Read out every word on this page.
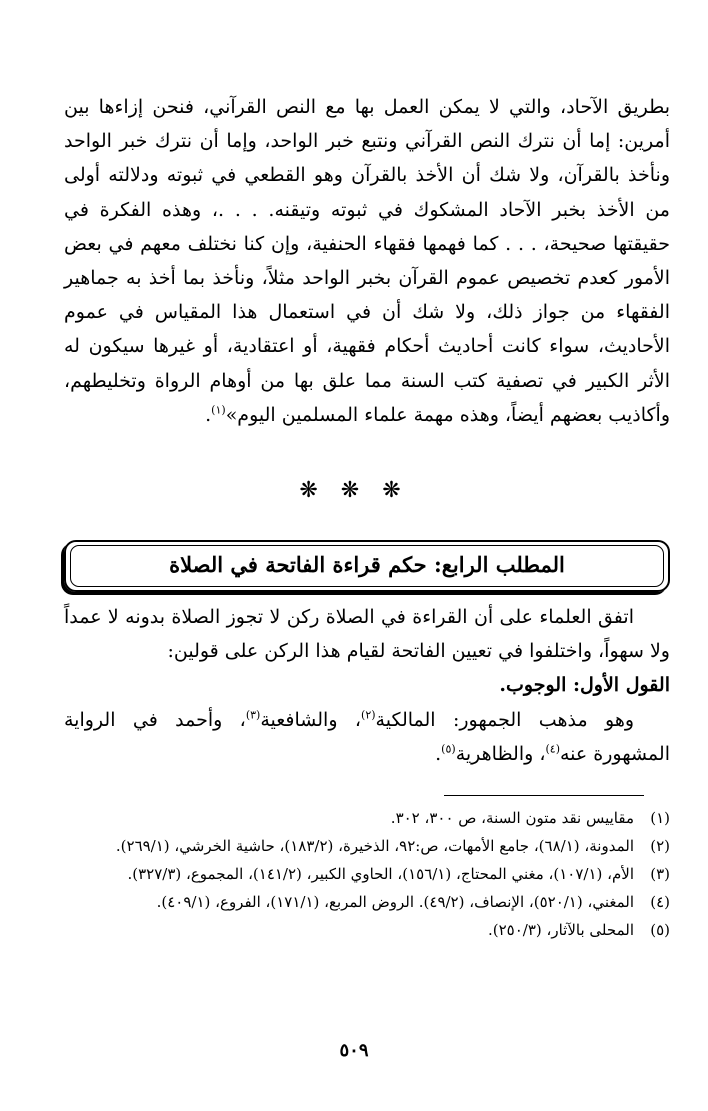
بطريق الآحاد، والتي لا يمكن العمل بها مع النص القرآني، فنحن إزاءها بين أمرين: إما أن نترك النص القرآني ونتبع خبر الواحد، وإما أن نترك خبر الواحد ونأخذ بالقرآن، ولا شك أن الأخذ بالقرآن وهو القطعي في ثبوته ودلالته أولى من الأخذ بخبر الآحاد المشكوك في ثبوته وتيقنه. . . .، وهذه الفكرة في حقيقتها صحيحة، . . . كما فهمها فقهاء الحنفية، وإن كنا نختلف معهم في بعض الأمور كعدم تخصيص عموم القرآن بخبر الواحد مثلاً، ونأخذ بما أخذ به جماهير الفقهاء من جواز ذلك، ولا شك أن في استعمال هذا المقياس في عموم الأحاديث، سواء كانت أحاديث أحكام فقهية، أو اعتقادية، أو غيرها سيكون له الأثر الكبير في تصفية كتب السنة مما علق بها من أوهام الرواة وتخليطهم، وأكاذيب بعضهم أيضاً، وهذه مهمة علماء المسلمين اليوم»$^{(١)}$.

❋ ❋ ❋
المطلب الرابع: حكم قراءة الفاتحة في الصلاة

اتفق العلماء على أن القراءة في الصلاة ركن لا تجوز الصلاة بدونه لا عمداً ولا سهواً، واختلفوا في تعيين الفاتحة لقيام هذا الركن على قولين:

القول الأول: الوجوب.

وهو مذهب الجمهور: المالكية$^{(٢)}$، والشافعية$^{(٣)}$، وأحمد في الرواية المشهورة عنه$^{(٤)}$، والظاهرية$^{(٥)}$.

(١)
مقاييس نقد متون السنة، ص ٣٠٠، ٣٠٢.
(٢)
المدونة، (٦٨/١)، جامع الأمهات، ص:٩٢، الذخيرة، (١٨٣/٢)، حاشية الخرشي، (٢٦٩/١).
(٣)
الأم، (١٠٧/١)، مغني المحتاج، (١٥٦/١)، الحاوي الكبير، (١٤١/٢)، المجموع، (٣٢٧/٣).
(٤)
المغني، (٥٢٠/١)، الإنصاف، (٤٩/٢). الروض المربع، (١٧١/١)، الفروع، (٤٠٩/١).
(٥)
المحلى بالآثار، (٢٥٠/٣).
٥٠٩
